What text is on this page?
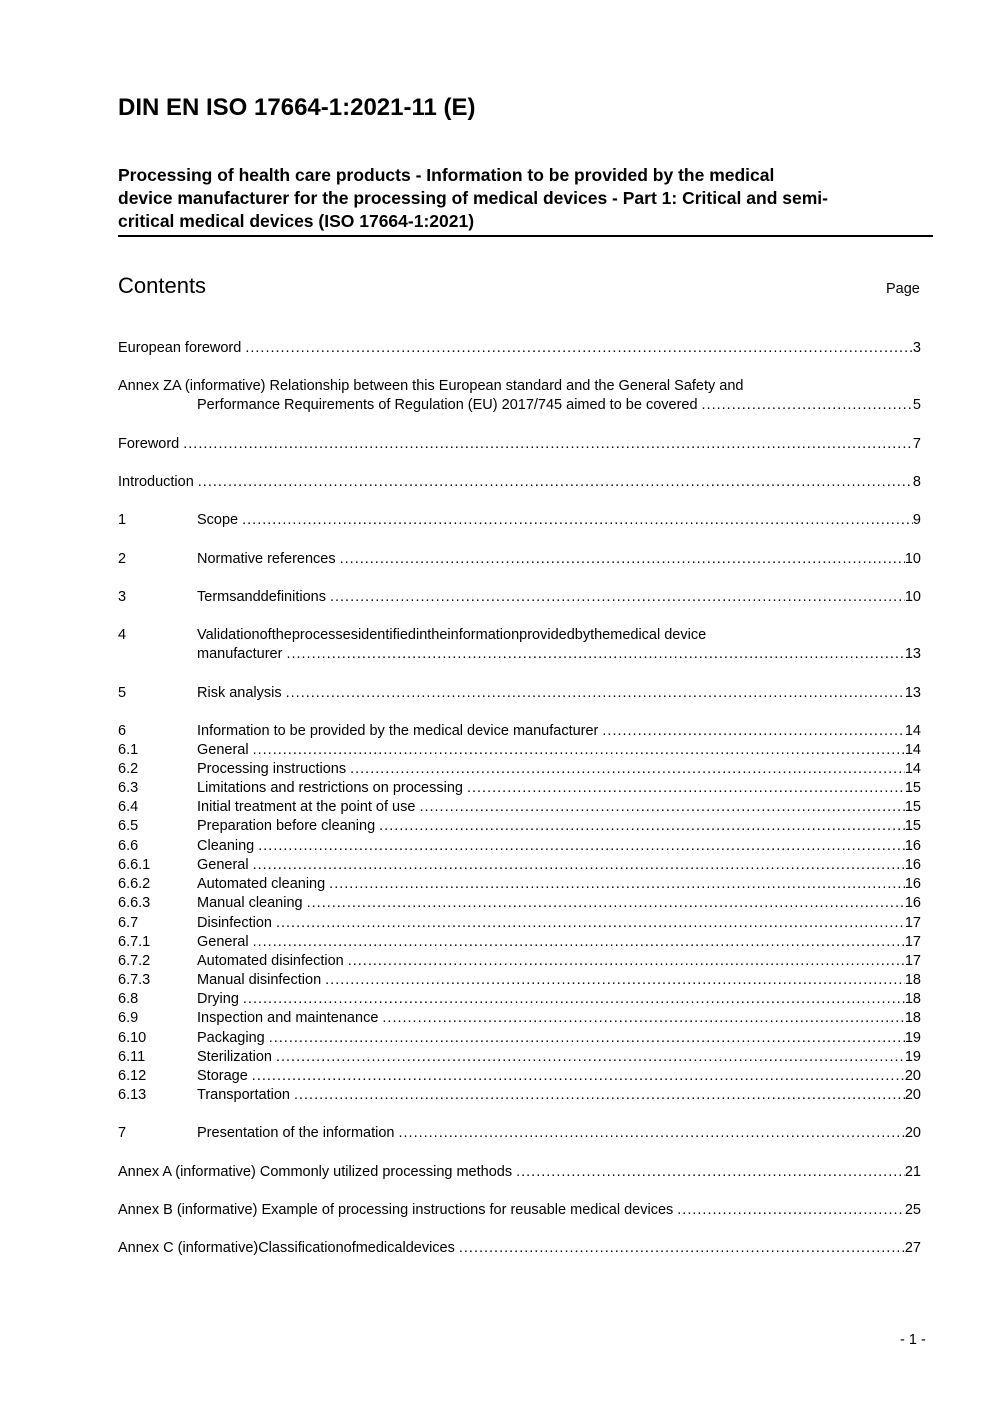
DIN EN ISO 17664-1:2021-11 (E)
Processing of health care products - Information to be provided by the medical
device manufacturer for the processing of medical devices - Part 1: Critical and semi-
critical medical devices (ISO 17664-1:2021)
Contents	Page
European foreword .....	3
Annex ZA (informative) Relationship between this European standard and the General Safety and
Performance Requirements of Regulation (EU) 2017/745 aimed to be covered .....	5
Foreword .....	7
Introduction .....	8
1	Scope .....	9
2	Normative references .....	10
3	Termsanddefinitions .....	10
4	Validationoftheprocessesidentifiedintheinformationprovidedbythemedical device
manufacturer .....	13
5	Risk analysis .....	13
6	Information to be provided by the medical device manufacturer .....	14
6.1	General .....	14
6.2	Processing instructions .....	14
6.3	Limitations and restrictions on processing .....	15
6.4	Initial treatment at the point of use .....	15
6.5	Preparation before cleaning .....	15
6.6	Cleaning .....	16
6.6.1	General .....	16
6.6.2	Automated cleaning .....	16
6.6.3	Manual cleaning .....	16
6.7	Disinfection .....	17
6.7.1	General .....	17
6.7.2	Automated disinfection .....	17
6.7.3	Manual disinfection .....	18
6.8	Drying .....	18
6.9	Inspection and maintenance .....	18
6.10	Packaging .....	19
6.11	Sterilization .....	19
6.12	Storage .....	20
6.13	Transportation .....	20
7	Presentation of the information .....	20
Annex A (informative) Commonly utilized processing methods .....	21
Annex B (informative) Example of processing instructions for reusable medical devices .....	25
Annex C (informative)Classificationofmedicaldevices .....	27
- 1 -
